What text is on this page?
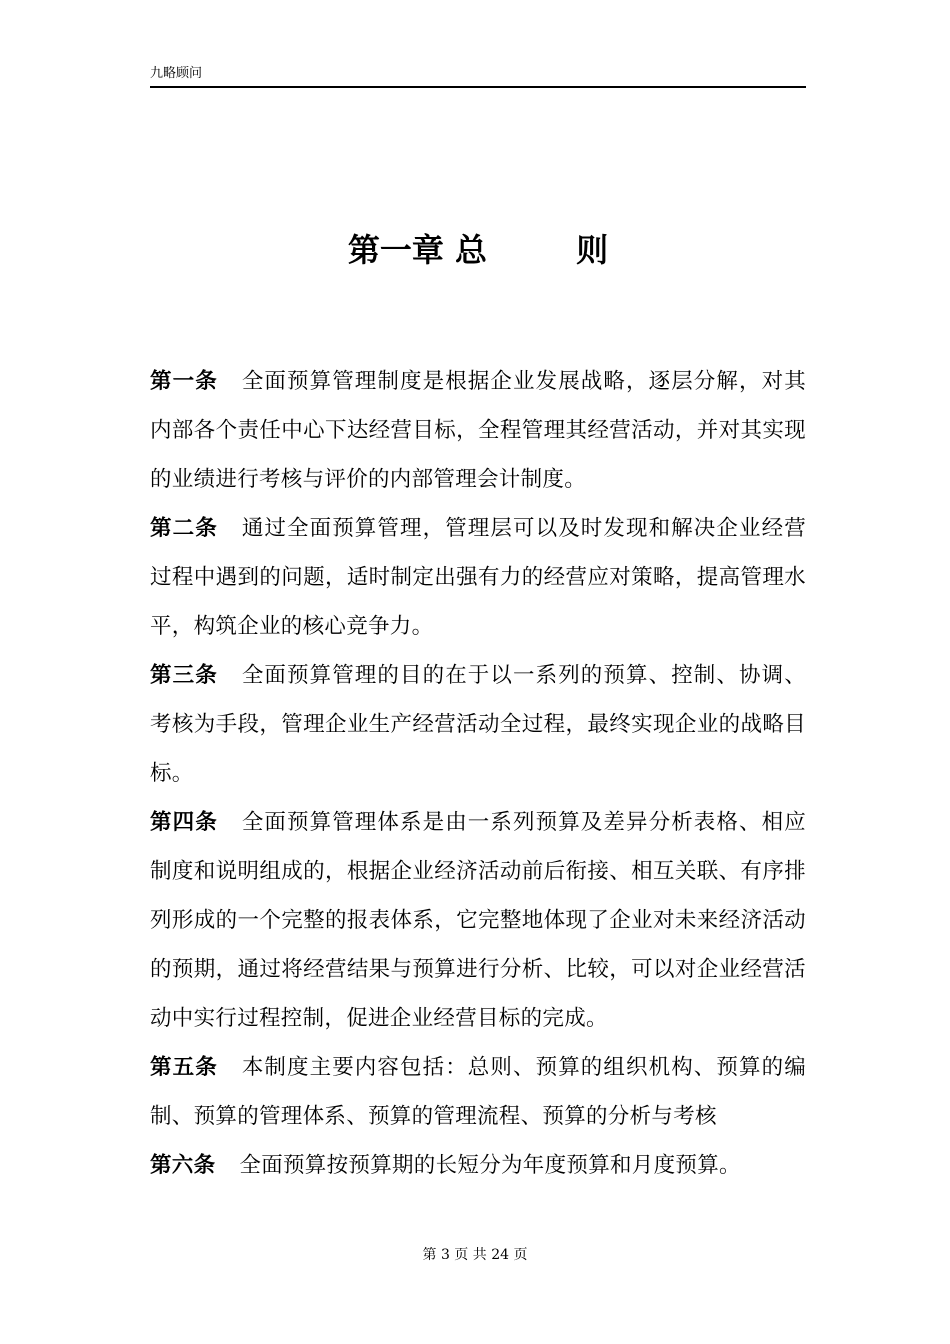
九略顾问
第一章 总        则

第一条 全面预算管理制度是根据企业发展战略，逐层分解，对其内部各个责任中心下达经营目标，全程管理其经营活动，并对其实现的业绩进行考核与评价的内部管理会计制度。

第二条 通过全面预算管理，管理层可以及时发现和解决企业经营过程中遇到的问题，适时制定出强有力的经营应对策略，提高管理水平，构筑企业的核心竞争力。

第三条 全面预算管理的目的在于以一系列的预算、控制、协调、考核为手段，管理企业生产经营活动全过程，最终实现企业的战略目标。

第四条 全面预算管理体系是由一系列预算及差异分析表格、相应制度和说明组成的，根据企业经济活动前后衔接、相互关联、有序排列形成的一个完整的报表体系，它完整地体现了企业对未来经济活动的预期，通过将经营结果与预算进行分析、比较，可以对企业经营活动中实行过程控制，促进企业经营目标的完成。

第五条 本制度主要内容包括：总则、预算的组织机构、预算的编制、预算的管理体系、预算的管理流程、预算的分析与考核

第六条 全面预算按预算期的长短分为年度预算和月度预算。

第 3 页 共 24 页
